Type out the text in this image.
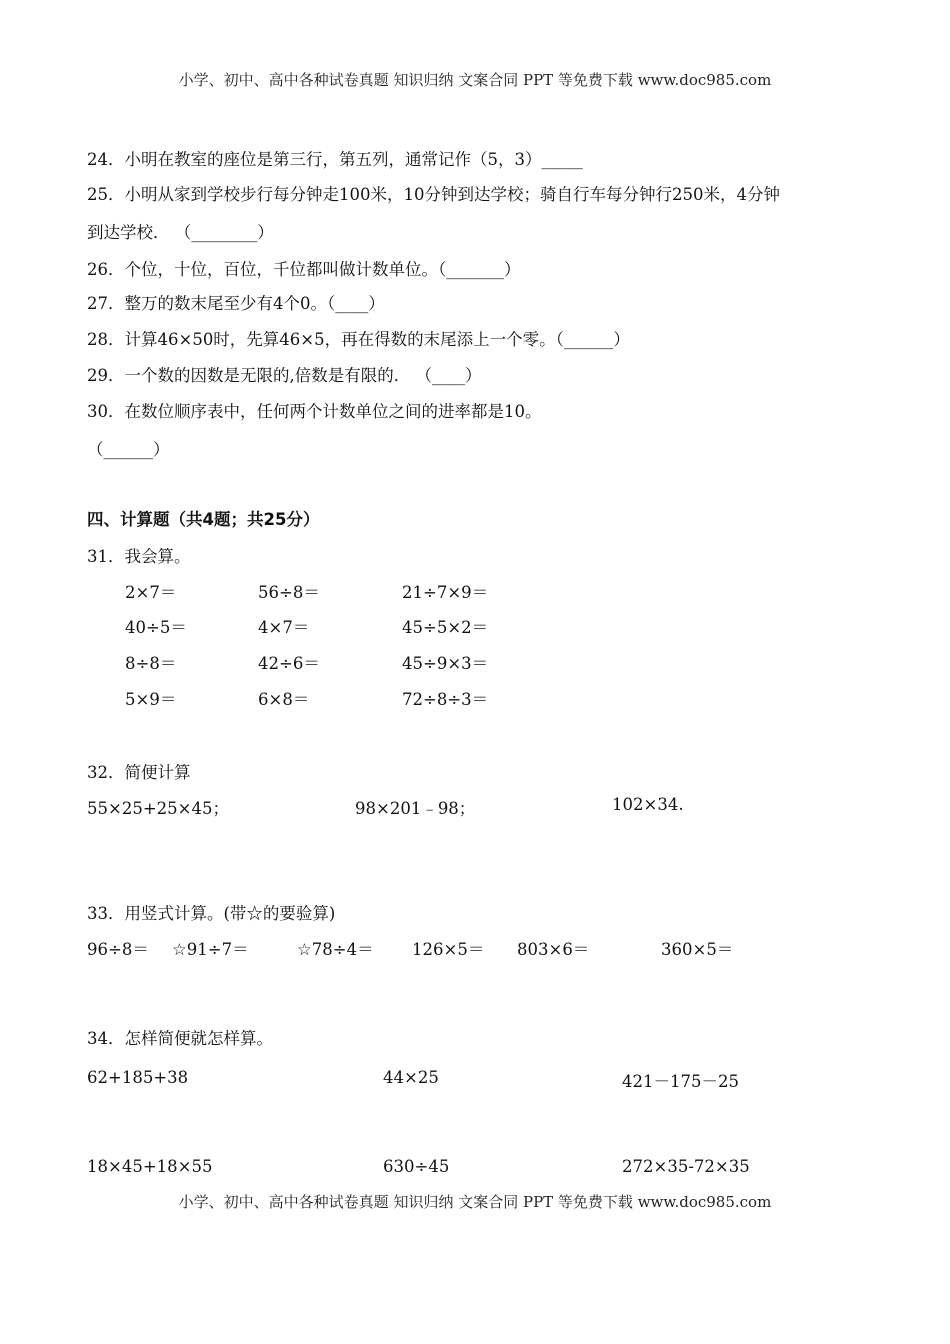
小学、初中、高中各种试卷真题 知识归纳 文案合同 PPT 等免费下载 www.doc985.com
24．小明在教室的座位是第三行，第五列，通常记作（5，3）_____
25．小明从家到学校步行每分钟走100米，10分钟到达学校；骑自行车每分钟行250米，4分钟
到达学校． （________）
26．个位，十位，百位，千位都叫做计数单位。（_______）
27．整万的数末尾至少有4个0。（____）
28．计算46×50时，先算46×5，再在得数的末尾添上一个零。（______）
29．一个数的因数是无限的,倍数是有限的． （____）
30．在数位顺序表中，任何两个计数单位之间的进率都是10。
（______）
四、计算题（共4题；共25分）
31．我会算。
2×7＝	56÷8＝	21÷7×9＝
40÷5＝	4×7＝	45÷5×2＝
8÷8＝	42÷6＝	45÷9×3＝
5×9＝	6×8＝	72÷8÷3＝
32．简便计算
55×25+25×45；	98×201﹣98；	102×34.
33．用竖式计算。(带☆的要验算)
96÷8＝ ☆91÷7＝	☆78÷4＝ 126×5＝ 803×6＝	360×5＝
34．怎样简便就怎样算。
62+185+38	44×25	421－175－25
18×45+18×55	630÷45	272×35-72×35
小学、初中、高中各种试卷真题 知识归纳 文案合同 PPT 等免费下载 www.doc985.com
